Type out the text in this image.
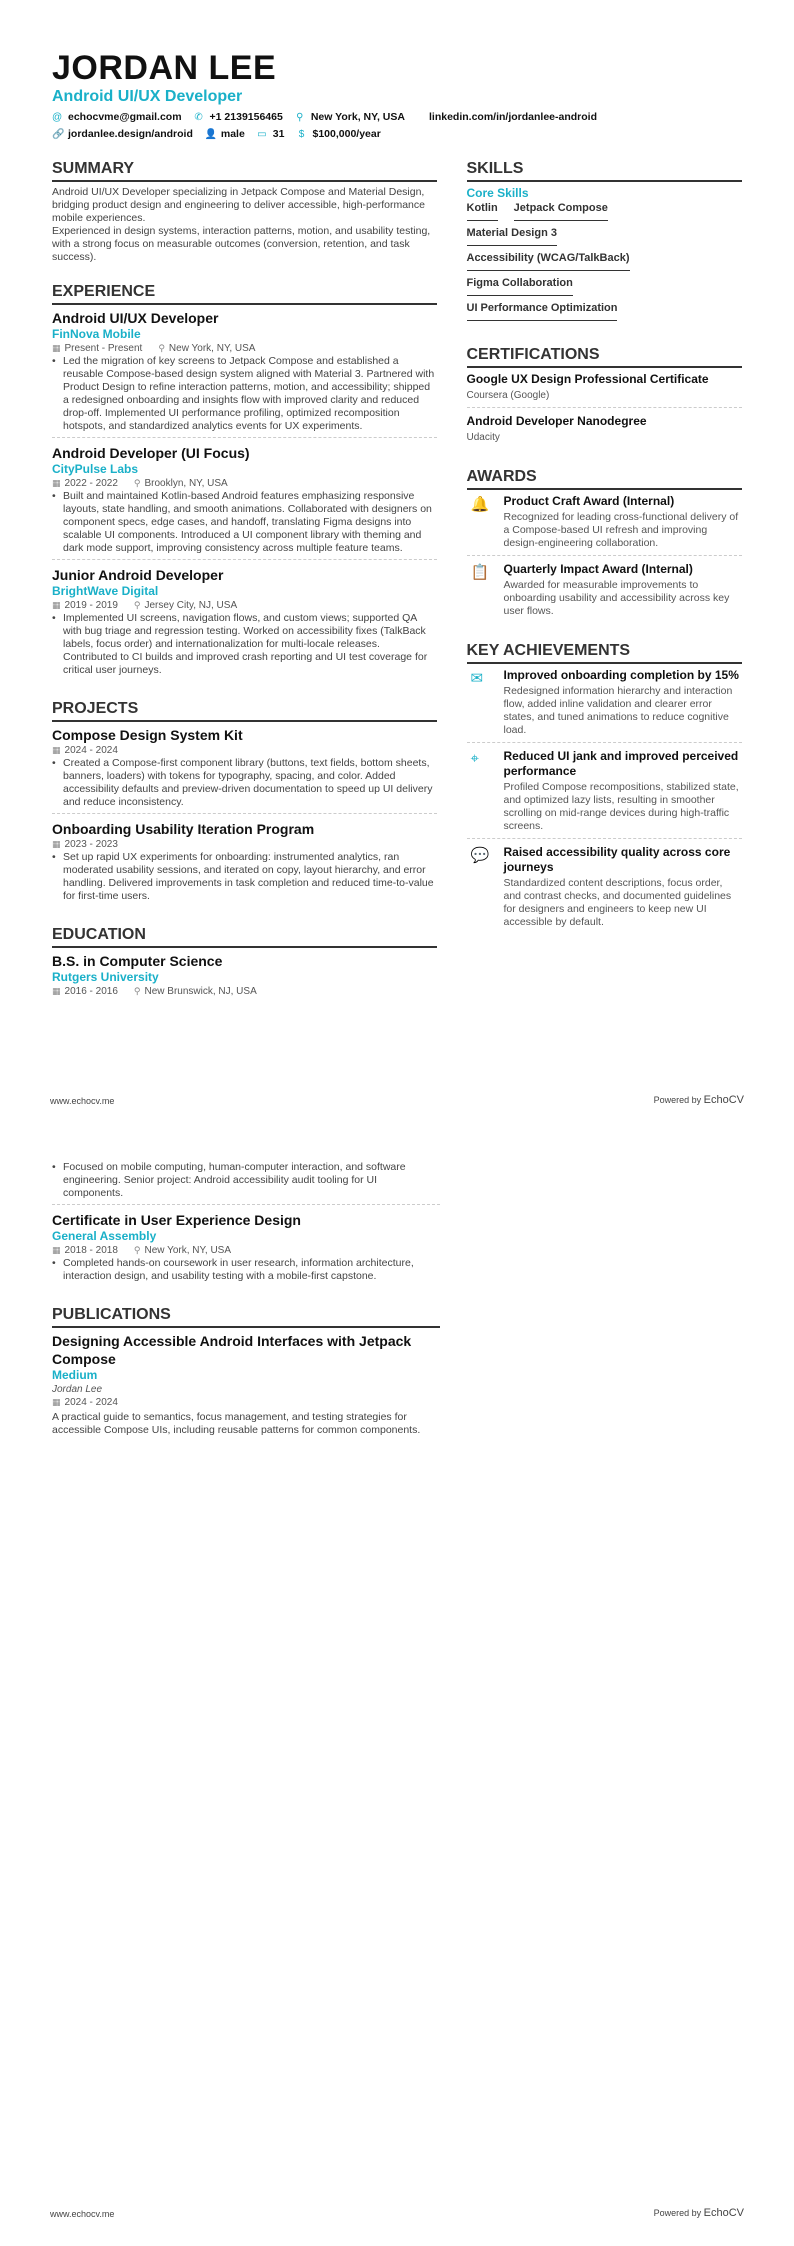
JORDAN LEE
Android UI/UX Developer
@ echocvme@gmail.com ✆ +1 2139156465 ⚲ New York, NY, USA linkedin.com/in/jordanlee-android
🔗 jordanlee.design/android 👤 male ▭ 31 $ $100,000/year
SUMMARY

Android UI/UX Developer specializing in Jetpack Compose and Material Design, bridging product design and engineering to deliver accessible, high-performance mobile experiences.

Experienced in design systems, interaction patterns, motion, and usability testing, with a strong focus on measurable outcomes (conversion, retention, and task success).

EXPERIENCE
Android UI/UX Developer
FinNova Mobile
▦ Present - Present ⚲ New York, NY, USA
• Led the migration of key screens to Jetpack Compose and established a reusable Compose-based design system aligned with Material 3. Partnered with Product Design to refine interaction patterns, motion, and accessibility; shipped a redesigned onboarding and insights flow with improved clarity and reduced drop-off. Implemented UI performance profiling, optimized recomposition hotspots, and standardized analytics events for UX experiments.
Android Developer (UI Focus)
CityPulse Labs
▦ 2022 - 2022 ⚲ Brooklyn, NY, USA
• Built and maintained Kotlin-based Android features emphasizing responsive layouts, state handling, and smooth animations. Collaborated with designers on component specs, edge cases, and handoff, translating Figma designs into scalable UI components. Introduced a UI component library with theming and dark mode support, improving consistency across multiple feature teams.
Junior Android Developer
BrightWave Digital
▦ 2019 - 2019 ⚲ Jersey City, NJ, USA
• Implemented UI screens, navigation flows, and custom views; supported QA with bug triage and regression testing. Worked on accessibility fixes (TalkBack labels, focus order) and internationalization for multi-locale releases. Contributed to CI builds and improved crash reporting and UI test coverage for critical user journeys.
PROJECTS
Compose Design System Kit
▦ 2024 - 2024
• Created a Compose-first component library (buttons, text fields, bottom sheets, banners, loaders) with tokens for typography, spacing, and color. Added accessibility defaults and preview-driven documentation to speed up UI delivery and reduce inconsistency.
Onboarding Usability Iteration Program
▦ 2023 - 2023
• Set up rapid UX experiments for onboarding: instrumented analytics, ran moderated usability sessions, and iterated on copy, layout hierarchy, and error handling. Delivered improvements in task completion and reduced time-to-value for first-time users.
EDUCATION
B.S. in Computer Science
Rutgers University
▦ 2016 - 2016 ⚲ New Brunswick, NJ, USA
SKILLS
Core Skills
Kotlin Jetpack Compose
Material Design 3
Accessibility (WCAG/TalkBack)
Figma Collaboration
UI Performance Optimization
CERTIFICATIONS
Google UX Design Professional Certificate
Coursera (Google)
Android Developer Nanodegree
Udacity
AWARDS
🔔	Product Craft Award (Internal)
Recognized for leading cross-functional delivery of a Compose-based UI refresh and improving design-engineering collaboration.
📋	Quarterly Impact Award (Internal)
Awarded for measurable improvements to onboarding usability and accessibility across key user flows.
KEY ACHIEVEMENTS
✉	Improved onboarding completion by 15%
Redesigned information hierarchy and interaction flow, added inline validation and clearer error states, and tuned animations to reduce cognitive load.
⌖	Reduced UI jank and improved perceived performance
Profiled Compose recompositions, stabilized state, and optimized lazy lists, resulting in smoother scrolling on mid-range devices during high-traffic screens.
💬	Raised accessibility quality across core journeys
Standardized content descriptions, focus order, and contrast checks, and documented guidelines for designers and engineers to keep new UI accessible by default.
www.echocv.me	Powered by EchoCV
• Focused on mobile computing, human-computer interaction, and software engineering. Senior project: Android accessibility audit tooling for UI components.
Certificate in User Experience Design
General Assembly
▦ 2018 - 2018 ⚲ New York, NY, USA
• Completed hands-on coursework in user research, information architecture, interaction design, and usability testing with a mobile-first capstone.
PUBLICATIONS
Designing Accessible Android Interfaces with Jetpack Compose
Medium
Jordan Lee
▦ 2024 - 2024
A practical guide to semantics, focus management, and testing strategies for accessible Compose UIs, including reusable patterns for common components.
www.echocv.me	Powered by EchoCV
